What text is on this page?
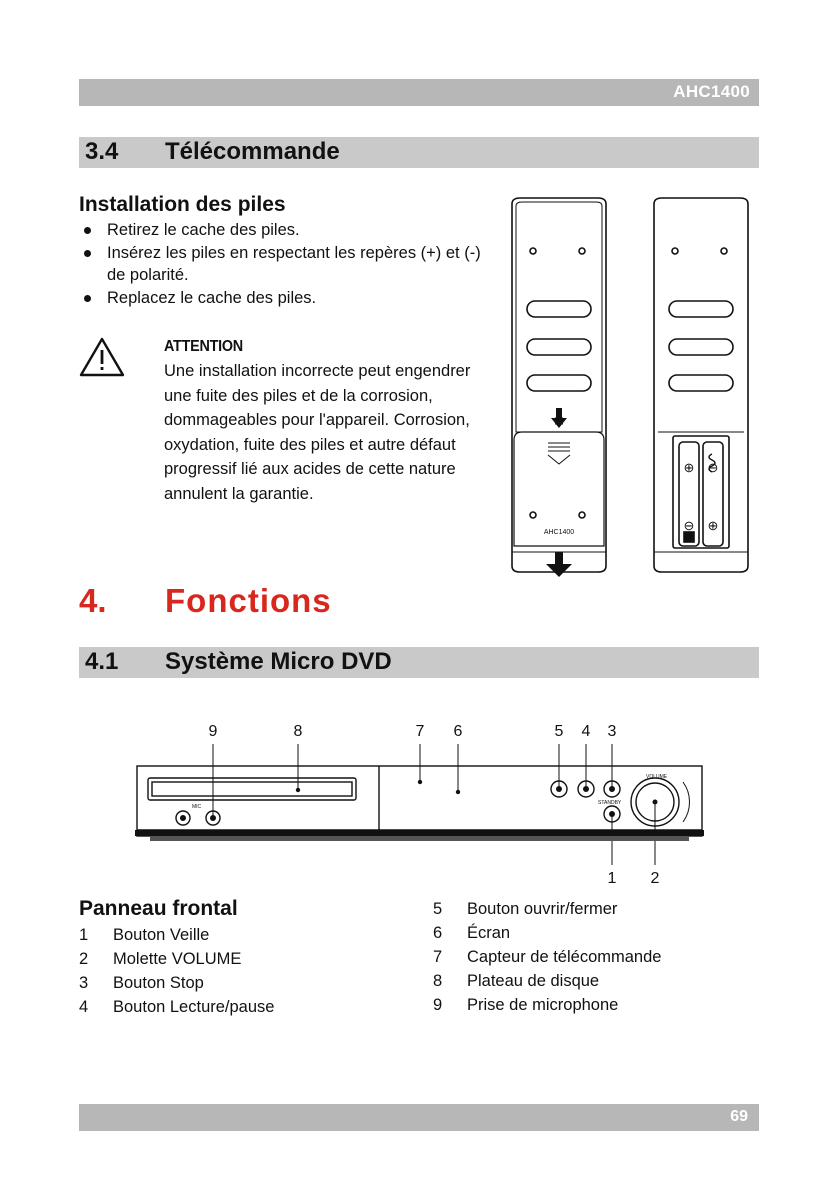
AHC1400
3.4 Télécommande
Installation des piles
Retirez le cache des piles.
Insérez les piles en respectant les repères (+) et (-) de polarité.
Replacez le cache des piles.
ATTENTION
Une installation incorrecte peut engendrer une fuite des piles et de la corrosion, dommageables pour l'appareil. Corrosion, oxydation, fuite des piles et autre défaut progressif lié aux acides de cette nature annulent la garantie.
AHC1400
⊕ ⊖
⊖ ⊕
4. Fonctions
4.1 Système Micro DVD
9	8	7 6	5 4 3
1 2
MIC
STANDBY
VOLUME
Panneau frontal
1 Bouton Veille
2 Molette VOLUME
3 Bouton Stop
4 Bouton Lecture/pause
5 Bouton ouvrir/fermer
6 Écran
7 Capteur de télécommande
8 Plateau de disque
9 Prise de microphone
69
